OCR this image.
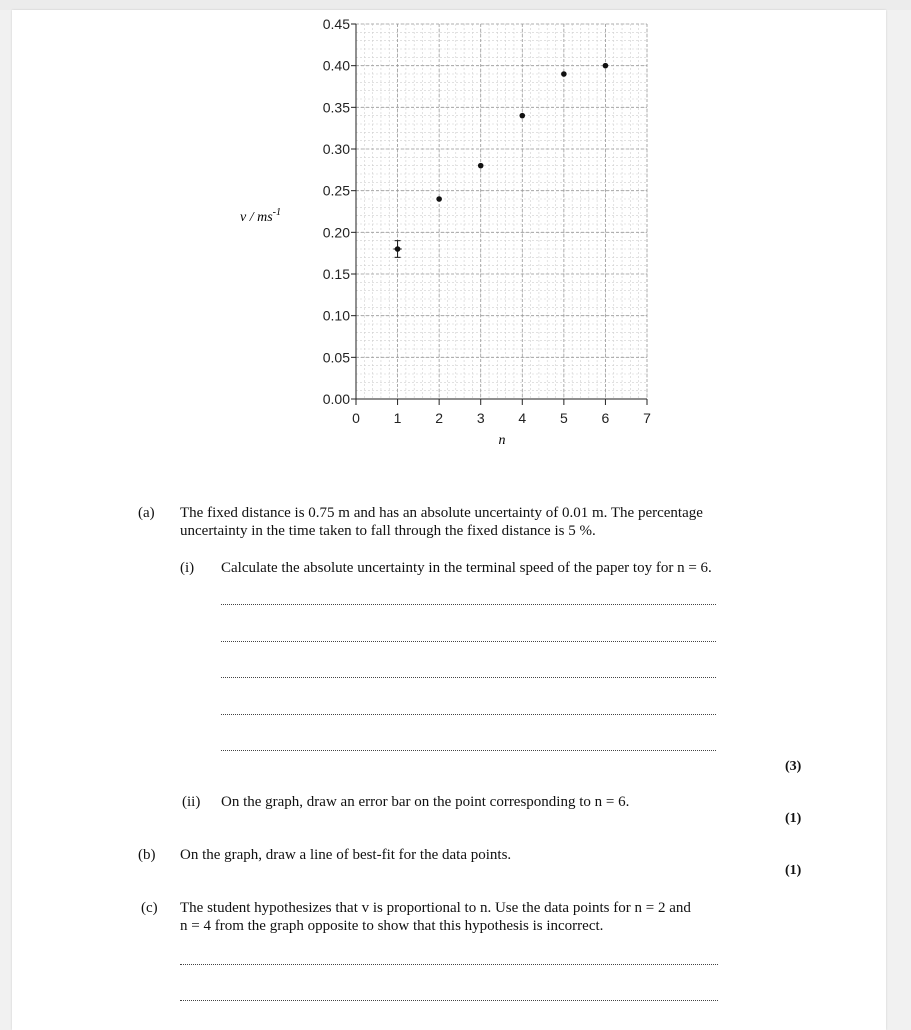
0.00
0.05
0.10
0.15
0.20
0.25
0.30
0.35
0.40
0.45
0 1 2 3 4 5 6 7
v / $ms^{-1}$
n
(a) The fixed distance is 0.75 m and has an absolute uncertainty of 0.01 m. The percentage
uncertainty in the time taken to fall through the fixed distance is 5 %.
(i) Calculate the absolute uncertainty in the terminal speed of the paper toy for n = 6.
(3)
(ii) On the graph, draw an error bar on the point corresponding to n = 6.
(1)
(b) On the graph, draw a line of best-fit for the data points.
(1)
(c) The student hypothesizes that v is proportional to n. Use the data points for n = 2 and
n = 4 from the graph opposite to show that this hypothesis is incorrect.
